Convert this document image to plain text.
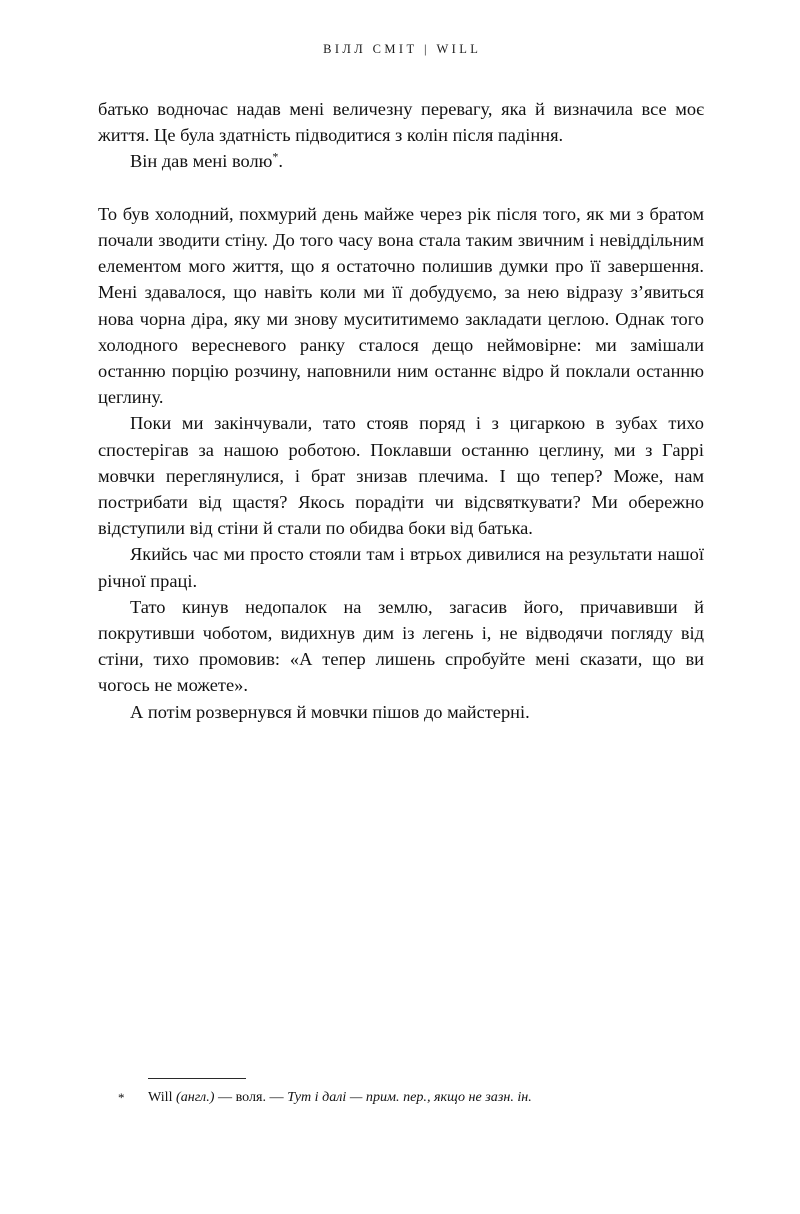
ВІЛЛ СМІТ | WILL

батько водночас надав мені величезну перевагу, яка й визначила все моє життя. Це була здатність підводитися з колін після падіння.

Він дав мені волю*.

То був холодний, похмурий день майже через рік після того, як ми з братом почали зводити стіну. До того часу вона стала таким звичним і невіддільним елементом мого життя, що я остаточно полишив думки про її завершення. Мені здавалося, що навіть коли ми її добудуємо, за нею відразу з’явиться нова чорна діра, яку ми знову мусититимемо закладати цеглою. Однак того холодного вересневого ранку сталося дещо неймовірне: ми замішали останню порцію розчину, наповнили ним останнє відро й поклали останню цеглину.

Поки ми закінчували, тато стояв поряд і з цигаркою в зубах тихо спостерігав за нашою роботою. Поклавши останню цеглину, ми з Гаррі мовчки переглянулися, і брат знизав плечима. І що тепер? Може, нам пострибати від щастя? Якось порадіти чи відсвяткувати? Ми обережно відступили від стіни й стали по обидва боки від батька.

Якийсь час ми просто стояли там і втрьох дивилися на результати нашої річної праці.

Тато кинув недопалок на землю, загасив його, причавивши й покрутивши чоботом, видихнув дим із легень і, не відводячи погляду від стіни, тихо промовив: «А тепер лишень спробуйте мені сказати, що ви чогось не можете».

А потім розвернувся й мовчки пішов до майстерні.

* Will (англ.) — воля. — Тут і далі — прим. пер., якщо не зазн. ін.
